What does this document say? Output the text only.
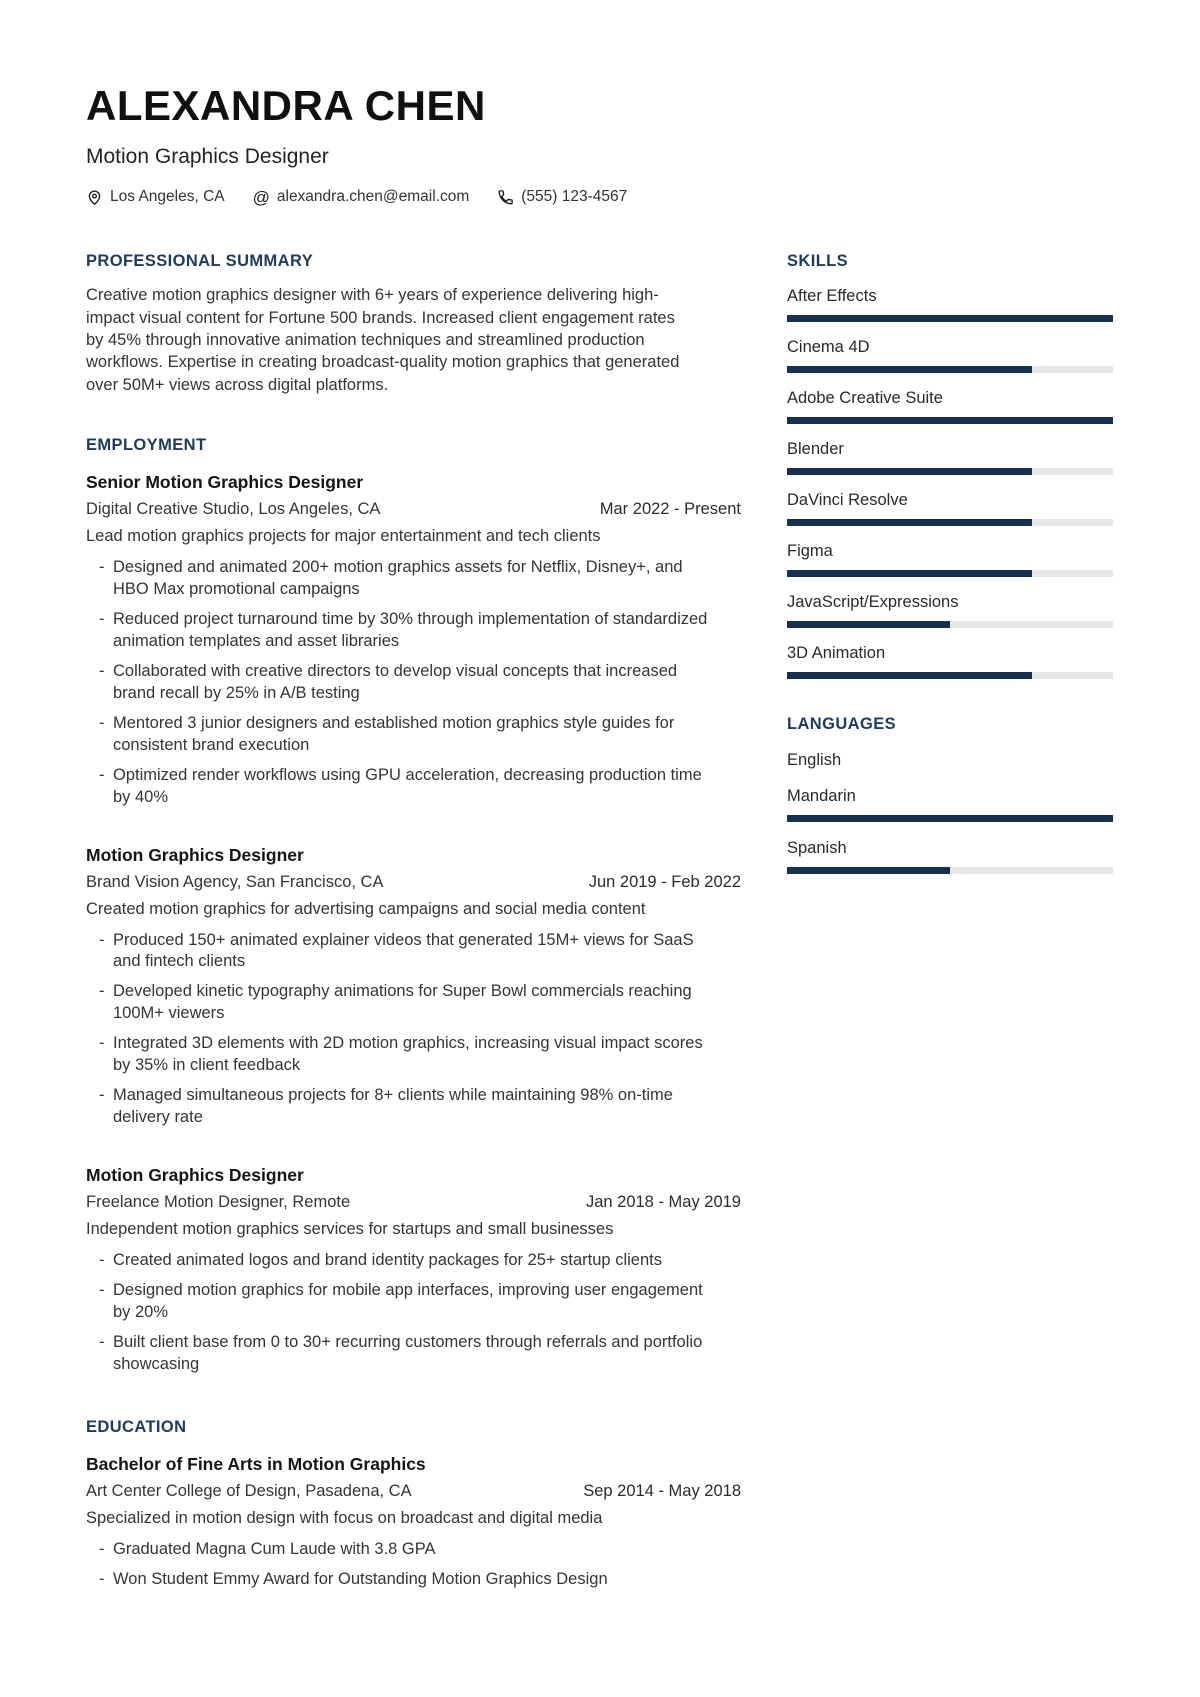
ALEXANDRA CHEN
Motion Graphics Designer
Los Angeles, CA @ alexandra.chen@email.com	(555) 123-4567
PROFESSIONAL SUMMARY

Creative motion graphics designer with 6+ years of experience delivering high-impact visual content for Fortune 500 brands. Increased client engagement rates by 45% through innovative animation techniques and streamlined production workflows. Expertise in creating broadcast-quality motion graphics that generated over 50M+ views across digital platforms.

EMPLOYMENT
Senior Motion Graphics Designer
Digital Creative Studio, Los Angeles, CA	Mar 2022 - Present
Lead motion graphics projects for major entertainment and tech clients
- Designed and animated 200+ motion graphics assets for Netflix, Disney+, and HBO Max promotional campaigns
- Reduced project turnaround time by 30% through implementation of standardized animation templates and asset libraries
- Collaborated with creative directors to develop visual concepts that increased brand recall by 25% in A/B testing
- Mentored 3 junior designers and established motion graphics style guides for consistent brand execution
- Optimized render workflows using GPU acceleration, decreasing production time by 40%
Motion Graphics Designer
Brand Vision Agency, San Francisco, CA	Jun 2019 - Feb 2022
Created motion graphics for advertising campaigns and social media content
- Produced 150+ animated explainer videos that generated 15M+ views for SaaS and fintech clients
- Developed kinetic typography animations for Super Bowl commercials reaching 100M+ viewers
- Integrated 3D elements with 2D motion graphics, increasing visual impact scores by 35% in client feedback
- Managed simultaneous projects for 8+ clients while maintaining 98% on-time delivery rate
Motion Graphics Designer
Freelance Motion Designer, Remote	Jan 2018 - May 2019
Independent motion graphics services for startups and small businesses
- Created animated logos and brand identity packages for 25+ startup clients
- Designed motion graphics for mobile app interfaces, improving user engagement by 20%
- Built client base from 0 to 30+ recurring customers through referrals and portfolio showcasing
EDUCATION
Bachelor of Fine Arts in Motion Graphics
Art Center College of Design, Pasadena, CA	Sep 2014 - May 2018
Specialized in motion design with focus on broadcast and digital media
- Graduated Magna Cum Laude with 3.8 GPA
- Won Student Emmy Award for Outstanding Motion Graphics Design
SKILLS
After Effects
Cinema 4D
Adobe Creative Suite
Blender
DaVinci Resolve
Figma
JavaScript/Expressions
3D Animation
LANGUAGES
English
Mandarin
Spanish
